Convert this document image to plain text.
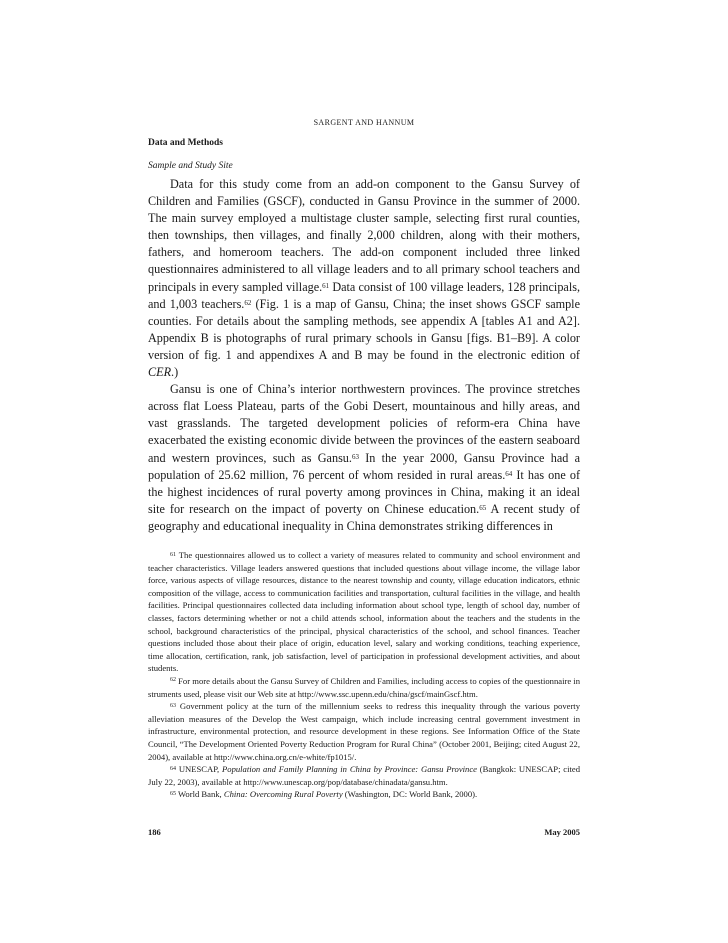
SARGENT AND HANNUM
Data and Methods
Sample and Study Site

Data for this study come from an add-on component to the Gansu Survey of Children and Families (GSCF), conducted in Gansu Province in the summer of 2000. The main survey employed a multistage cluster sample, selecting first rural counties, then townships, then villages, and finally 2,000 children, along with their mothers, fathers, and homeroom teachers. The add-on component included three linked questionnaires administered to all village leaders and to all primary school teachers and principals in every sampled village.$^{61}$ Data consist of 100 village leaders, 128 principals, and 1,003 teachers.$^{62}$ (Fig. 1 is a map of Gansu, China; the inset shows GSCF sample counties. For details about the sampling methods, see appendix A [tables A1 and A2]. Appendix B is photographs of rural primary schools in Gansu [figs. B1–B9]. A color version of fig. 1 and appendixes A and B may be found in the electronic edition of CER.)

Gansu is one of China’s interior northwestern provinces. The province stretches across flat Loess Plateau, parts of the Gobi Desert, mountainous and hilly areas, and vast grasslands. The targeted development policies of reform-era China have exacerbated the existing economic divide between the provinces of the eastern seaboard and western provinces, such as Gansu.$^{63}$ In the year 2000, Gansu Province had a population of 25.62 million, 76 percent of whom resided in rural areas.$^{64}$ It has one of the highest incidences of rural poverty among provinces in China, making it an ideal site for research on the impact of poverty on Chinese education.$^{65}$ A recent study of geography and educational inequality in China demonstrates striking differences in

$^{61}$ The questionnaires allowed us to collect a variety of measures related to community and school environment and teacher characteristics. Village leaders answered questions that included questions about village income, the village labor force, various aspects of village resources, distance to the nearest township and county, village education indicators, ethnic composition of the village, access to communication facilities and transportation, cultural facilities in the village, and health facilities. Principal questionnaires collected data including information about school type, length of school day, number of classes, factors determining whether or not a child attends school, information about the teachers and the students in the school, background characteristics of the principal, physical characteristics of the school, and school finances. Teacher questions included those about their place of origin, education level, salary and working conditions, teaching experience, time allocation, certification, rank, job satisfaction, level of participation in professional development activities, and about students.

$^{62}$ For more details about the Gansu Survey of Children and Families, including access to copies of the questionnaire instruments used, please visit our Web site at http://www.ssc.upenn.edu/china/gscf/mainGscf.htm.

$^{63}$ Government policy at the turn of the millennium seeks to redress this inequality through the various poverty alleviation measures of the Develop the West campaign, which include increasing central government investment in infrastructure, environmental protection, and resource development in these regions. See Information Office of the State Council, “The Development Oriented Poverty Reduction Program for Rural China” (October 2001, Beijing; cited August 22, 2004), available at http://www.china.org.cn/e-white/fp1015/.

$^{64}$ UNESCAP, Population and Family Planning in China by Province: Gansu Province (Bangkok: UNESCAP; cited July 22, 2003), available at http://www.unescap.org/pop/database/chinadata/gansu.htm.

$^{65}$ World Bank, China: Overcoming Rural Poverty (Washington, DC: World Bank, 2000).

186	May 2005
